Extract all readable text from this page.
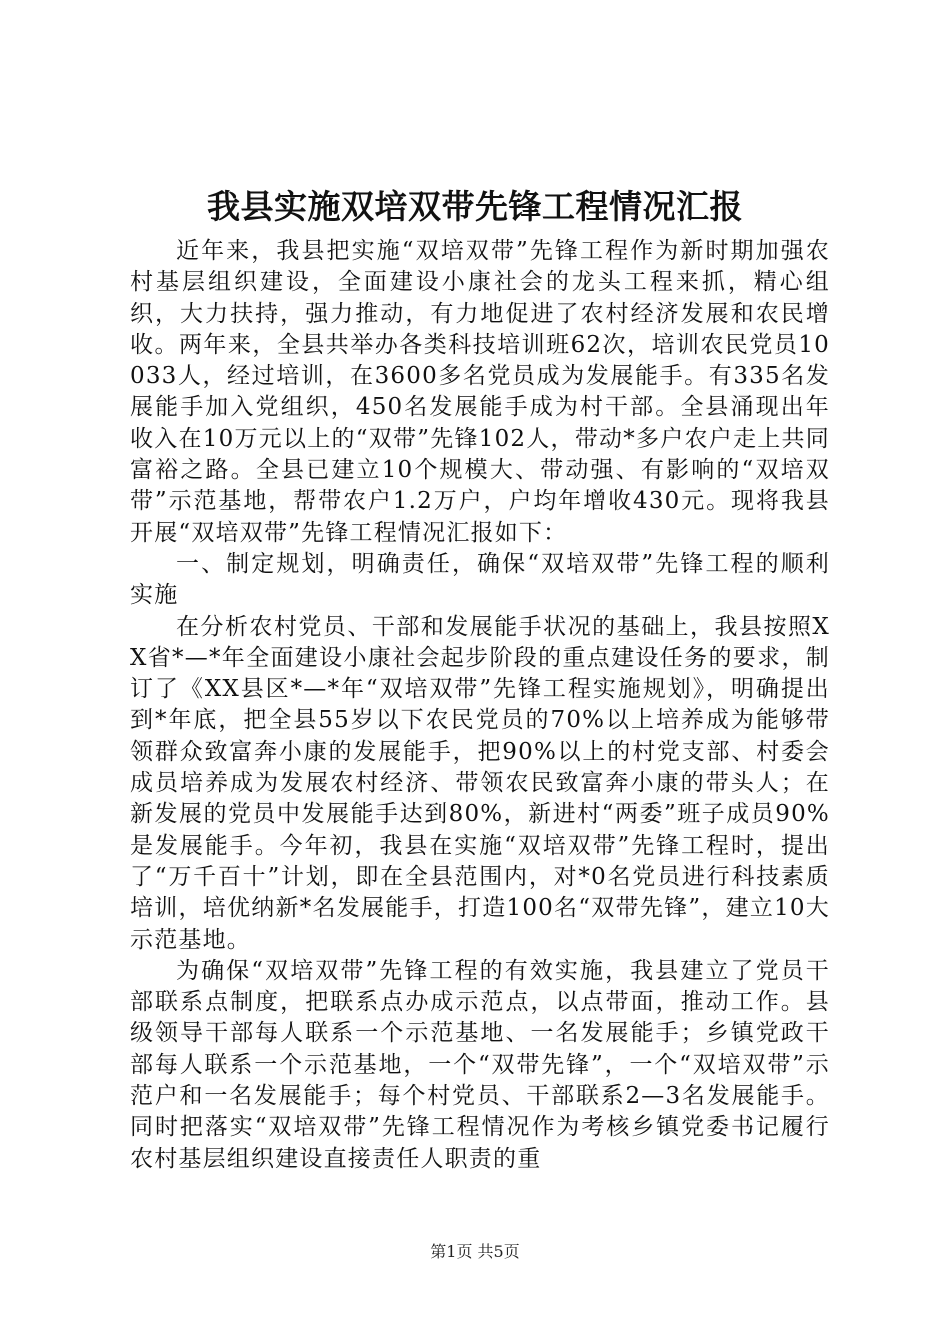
我县实施双培双带先锋工程情况汇报

近年来，我县把实施“双培双带”先锋工程作为新时期加强农村基层组织建设，全面建设小康社会的龙头工程来抓，精心组织，大力扶持，强力推动，有力地促进了农村经济发展和农民增收。两年来，全县共举办各类科技培训班62次，培训农民党员10033人，经过培训，在3600多名党员成为发展能手。有335名发展能手加入党组织，450名发展能手成为村干部。全县涌现出年收入在10万元以上的“双带”先锋102人，带动*多户农户走上共同富裕之路。全县已建立10个规模大、带动强、有影响的“双培双带”示范基地，帮带农户1.2万户，户均年增收430元。现将我县开展“双培双带”先锋工程情况汇报如下：

一、制定规划，明确责任，确保“双培双带”先锋工程的顺利实施

在分析农村党员、干部和发展能手状况的基础上，我县按照XX省*—*年全面建设小康社会起步阶段的重点建设任务的要求，制订了《XX县区*—*年“双培双带”先锋工程实施规划》，明确提出到*年底，把全县55岁以下农民党员的70%以上培养成为能够带领群众致富奔小康的发展能手，把90%以上的村党支部、村委会成员培养成为发展农村经济、带领农民致富奔小康的带头人；在新发展的党员中发展能手达到80%，新进村“两委”班子成员90%是发展能手。今年初，我县在实施“双培双带”先锋工程时，提出了“万千百十”计划，即在全县范围内，对*0名党员进行科技素质培训，培优纳新*名发展能手，打造100名“双带先锋”，建立10大示范基地。

为确保“双培双带”先锋工程的有效实施，我县建立了党员干部联系点制度，把联系点办成示范点，以点带面，推动工作。县级领导干部每人联系一个示范基地、一名发展能手；乡镇党政干部每人联系一个示范基地，一个“双带先锋”，一个“双培双带”示范户和一名发展能手；每个村党员、干部联系2—3名发展能手。同时把落实“双培双带”先锋工程情况作为考核乡镇党委书记履行农村基层组织建设直接责任人职责的重

第1页 共5页
